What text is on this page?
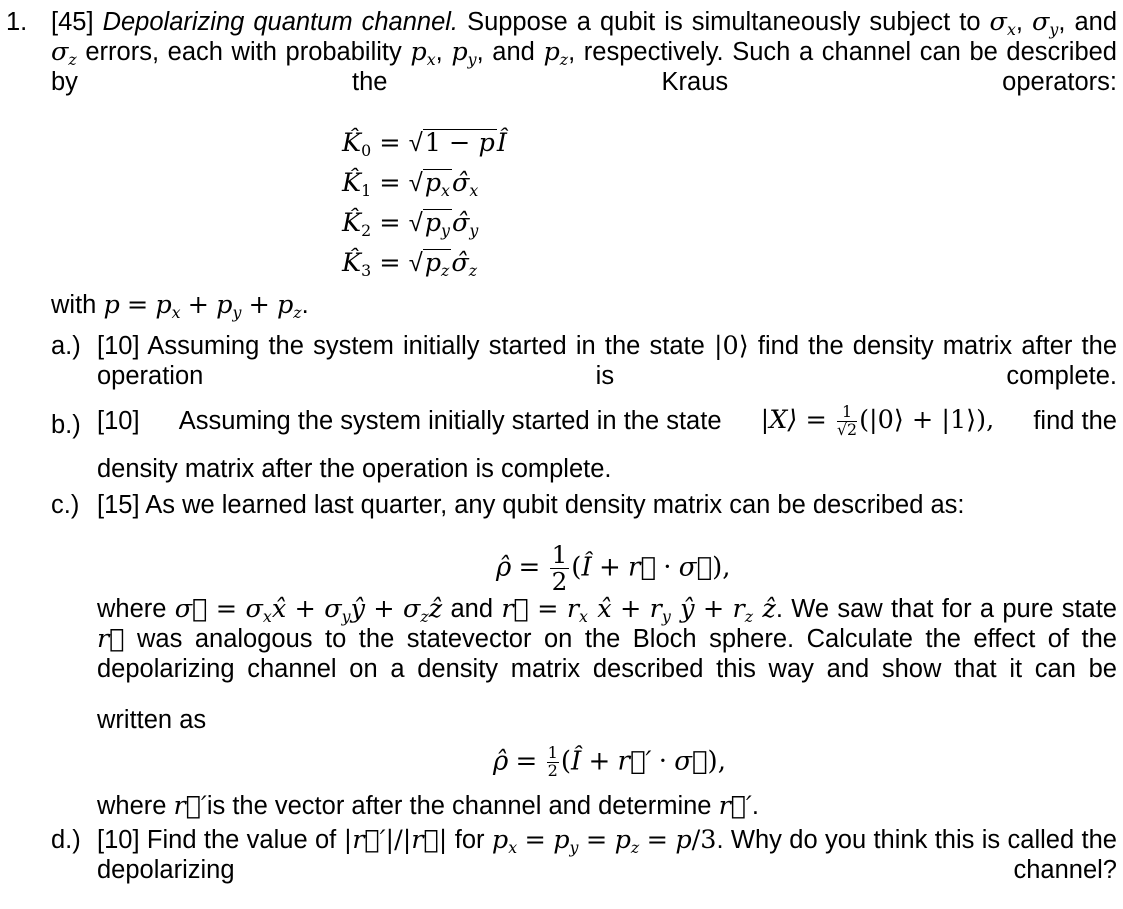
1. [45] Depolarizing quantum channel. Suppose a qubit is simultaneously subject to $\sigma_x$, $\sigma_y$, and $\sigma_z$ errors, each with probability $p_x$, $p_y$, and $p_z$, respectively. Such a channel can be described by the Kraus operators:
$K̂_0 = √1$ − pÎ
$K̂_1$ = $√p_x\sigmâ_x$
$K̂_2$ = $√p_y\sigmâ_y$
$K̂_3$ = $√p_z\sigmâ_z$
with $p = p_x + p_y + p_z$.
a.) [10] Assuming the system initially started in the state |0⟩ find the density matrix after the operation is complete.
b.) [10] Assuming the system initially started in the state |X⟩ = $\frac{1}{√2}$ (|0⟩ + |1⟩), find the
density matrix after the operation is complete.
c.) [15] As we learned last quarter, any qubit density matrix can be described as:
ρ̂ = $\frac{1}{2}$ (Î + r⃗ · σ⃗),
where σ⃗ = $\sigma_xx̂$ + $\sigma_yŷ$ + $\sigma_zẑ$ and r⃗ = $r_x$ x̂ + $r_y$ ŷ + $r_z$ ẑ. We saw that for a pure state r⃗ was analogous to the statevector on the Bloch sphere. Calculate the effect of the depolarizing channel on a density matrix described this way and show that it can be
written as
ρ̂ = $\frac{1}{2}$ (Î + r⃗′ · σ⃗),
where r⃗′is the vector after the channel and determine r⃗′.
d.) [10] Find the value of |r⃗′|/|r⃗| for $p_x = p_y = p_z = p/3$. Why do you think this is called the depolarizing channel?
